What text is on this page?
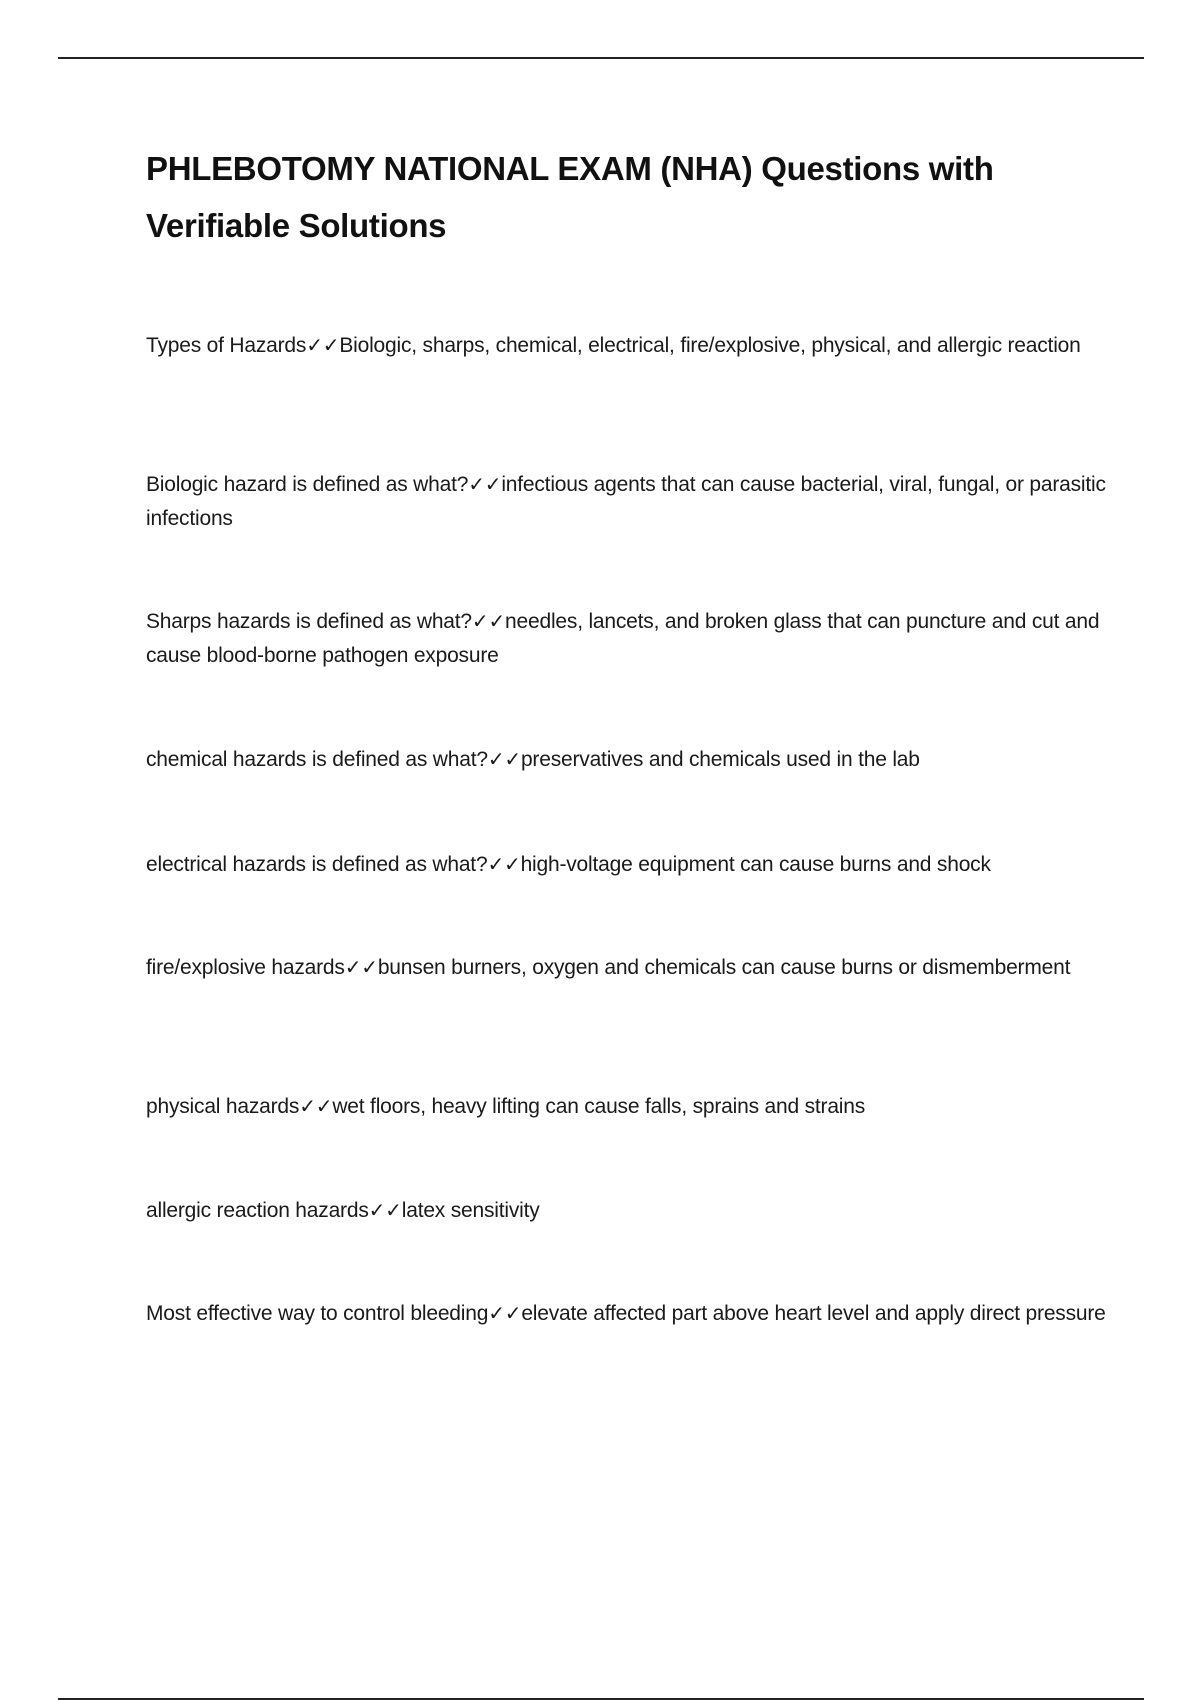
PHLEBOTOMY NATIONAL EXAM (NHA) Questions with Verifiable Solutions

Types of Hazards✓✓Biologic, sharps, chemical, electrical, fire/explosive, physical, and allergic reaction

Biologic hazard is defined as what?✓✓infectious agents that can cause bacterial, viral, fungal, or parasitic infections

Sharps hazards is defined as what?✓✓needles, lancets, and broken glass that can puncture and cut and cause blood-borne pathogen exposure

chemical hazards is defined as what?✓✓preservatives and chemicals used in the lab

electrical hazards is defined as what?✓✓high-voltage equipment can cause burns and shock

fire/explosive hazards✓✓bunsen burners, oxygen and chemicals can cause burns or dismemberment

physical hazards✓✓wet floors, heavy lifting can cause falls, sprains and strains

allergic reaction hazards✓✓latex sensitivity

Most effective way to control bleeding✓✓elevate affected part above heart level and apply direct pressure
